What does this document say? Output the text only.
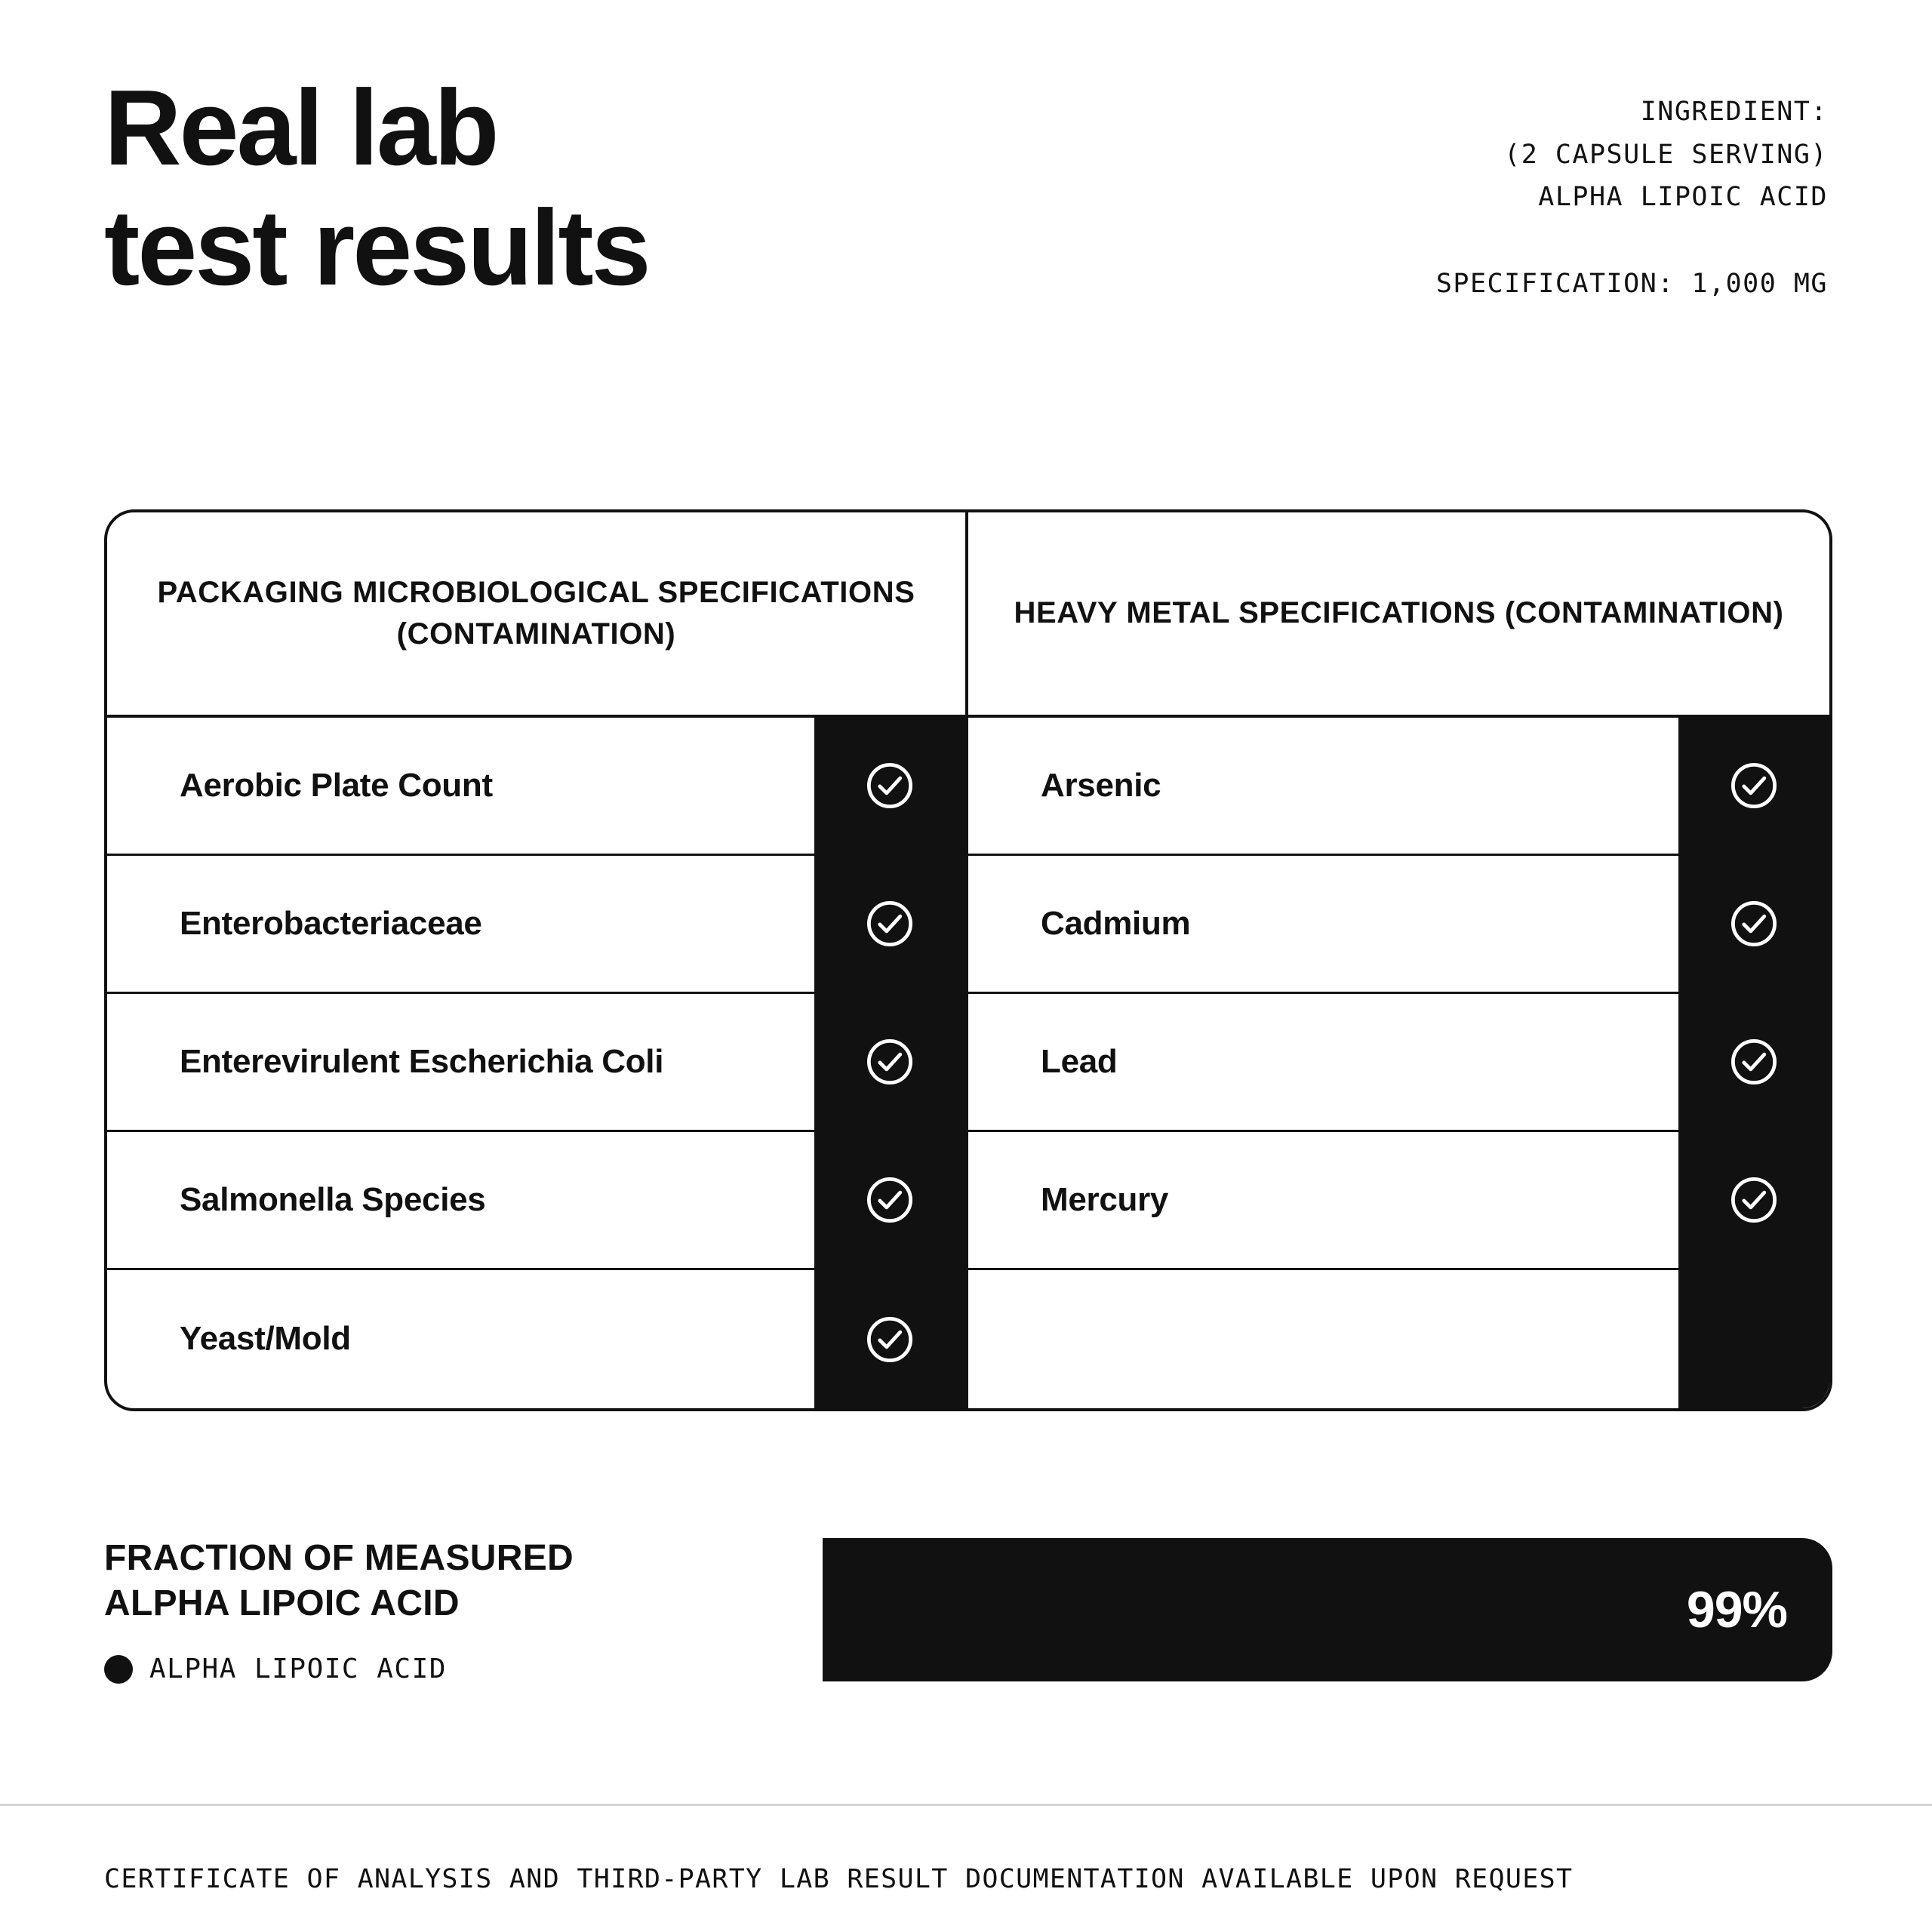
Real lab
test results
INGREDIENT:
(2 CAPSULE SERVING)
ALPHA LIPOIC ACID
SPECIFICATION: 1,000 MG
PACKAGING MICROBIOLOGICAL SPECIFICATIONS (CONTAMINATION)
Aerobic Plate Count
Enterobacteriaceae
Enterevirulent Escherichia Coli
Salmonella Species
Yeast/Mold
HEAVY METAL SPECIFICATIONS (CONTAMINATION)
Arsenic
Cadmium
Lead
Mercury
FRACTION OF MEASURED
ALPHA LIPOIC ACID
ALPHA LIPOIC ACID
99%
CERTIFICATE OF ANALYSIS AND THIRD-PARTY LAB RESULT DOCUMENTATION AVAILABLE UPON REQUEST
